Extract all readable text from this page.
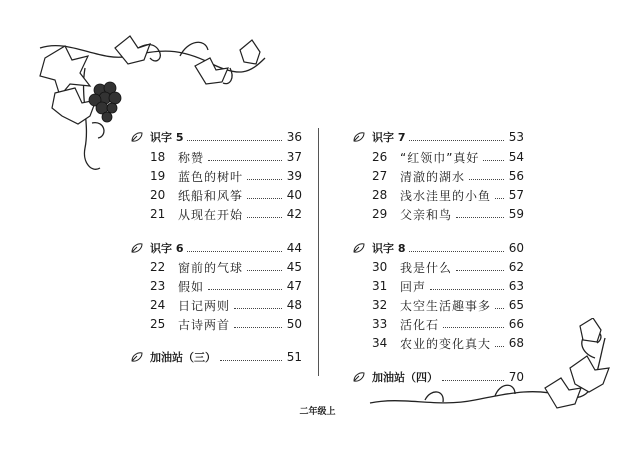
识字 5	36
18	称赞	37
19	蓝色的树叶	39
20	纸船和风筝	40
21	从现在开始	42
识字 6	44
22	窗前的气球	45
23	假如	47
24	日记两则	48
25	古诗两首	50
加油站（三）	51
识字 7	53
26	“红领巾”真好 54
27	清澈的湖水	56
28	浅水洼里的小鱼 57
29	父亲和鸟	59
识字 8	60
30	我是什么	62
31	回声	63
32	太空生活趣事多 65
33	活化石	66
34	农业的变化真大 68
加油站（四）	70
二年级上
